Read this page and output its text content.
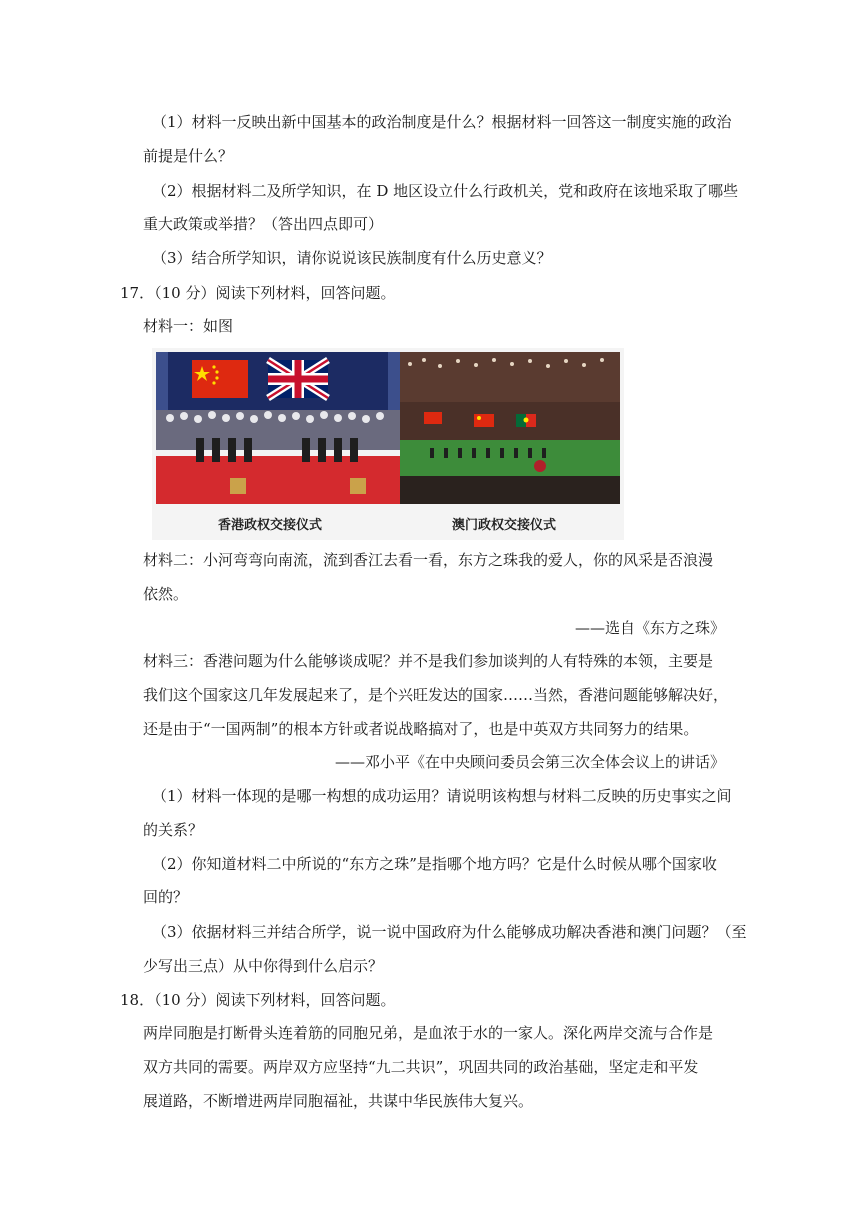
（1）材料一反映出新中国基本的政治制度是什么？根据材料一回答这一制度实施的政治
前提是什么？
（2）根据材料二及所学知识，在 D 地区设立什么行政机关，党和政府在该地采取了哪些
重大政策或举措？（答出四点即可）
（3）结合所学知识，请你说说该民族制度有什么历史意义？
17．（10 分）阅读下列材料，回答问题。
材料一：如图
香港政权交接仪式	澳门政权交接仪式
材料二：小河弯弯向南流，流到香江去看一看，东方之珠我的爱人，你的风采是否浪漫
依然。
——选自《东方之珠》
材料三：香港问题为什么能够谈成呢？并不是我们参加谈判的人有特殊的本领，主要是
我们这个国家这几年发展起来了，是个兴旺发达的国家……当然，香港问题能够解决好，
还是由于“一国两制”的根本方针或者说战略搞对了，也是中英双方共同努力的结果。
——邓小平《在中央顾问委员会第三次全体会议上的讲话》
（1）材料一体现的是哪一构想的成功运用？请说明该构想与材料二反映的历史事实之间
的关系？
（2）你知道材料二中所说的“东方之珠”是指哪个地方吗？它是什么时候从哪个国家收
回的？
（3）依据材料三并结合所学，说一说中国政府为什么能够成功解决香港和澳门问题？（至
少写出三点）从中你得到什么启示？
18．（10 分）阅读下列材料，回答问题。
两岸同胞是打断骨头连着筋的同胞兄弟，是血浓于水的一家人。深化两岸交流与合作是
双方共同的需要。两岸双方应坚持“九二共识”，巩固共同的政治基础，坚定走和平发
展道路，不断增进两岸同胞福祉，共谋中华民族伟大复兴。
